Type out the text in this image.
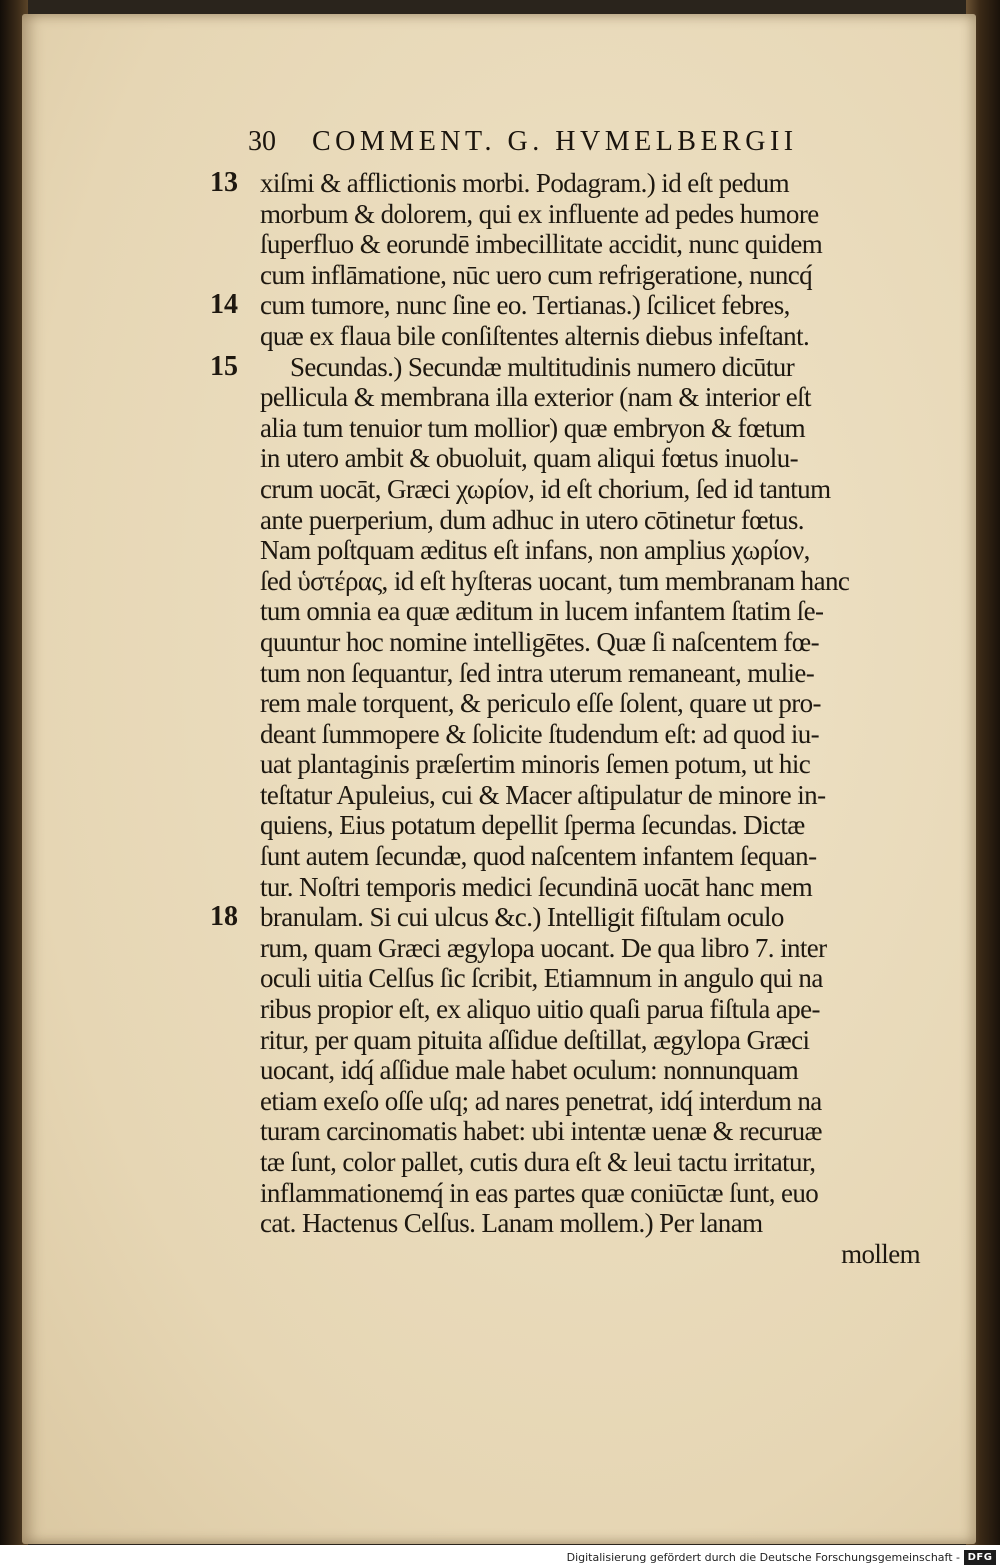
30 COMMENT. G. HVMELBERGII
13 xiſmi & afflictionis morbi. Podagram.) id eſt pedum
morbum & dolorem, qui ex influente ad pedes humore
ſuperfluo & eorundē imbecillitate accidit, nunc quidem
cum inflāmatione, nūc uero cum refrigeratione, nuncq́
14 cum tumore, nunc ſine eo. Tertianas.) ſcilicet febres,
quæ ex flaua bile conſiſtentes alternis diebus infeſtant.
15 Secundas.) Secundæ multitudinis numero dicūtur
pellicula & membrana illa exterior (nam & interior eſt
alia tum tenuior tum mollior) quæ embryon & fœtum
in utero ambit & obuoluit, quam aliqui fœtus inuolu-
crum uocāt, Græci χωρίον, id eſt chorium, ſed id tantum
ante puerperium, dum adhuc in utero cōtinetur fœtus.
Nam poſtquam æditus eſt infans, non amplius χωρίον,
ſed ὑστέρας, id eſt hyſteras uocant, tum membranam hanc
tum omnia ea quæ æditum in lucem infantem ſtatim ſe-
quuntur hoc nomine intelligētes. Quæ ſi naſcentem fœ-
tum non ſequantur, ſed intra uterum remaneant, mulie-
rem male torquent, & periculo eſſe ſolent, quare ut pro-
deant ſummopere & ſolicite ſtudendum eſt: ad quod iu-
uat plantaginis præſertim minoris ſemen potum, ut hic
teſtatur Apuleius, cui & Macer aſtipulatur de minore in-
quiens, Eius potatum depellit ſperma ſecundas. Dictæ
ſunt autem ſecundæ, quod naſcentem infantem ſequan-
tur. Noſtri temporis medici ſecundinā uocāt hanc mem
18 branulam. Si cui ulcus &c.) Intelligit fiſtulam oculo
rum, quam Græci ægylopa uocant. De qua libro 7. inter
oculi uitia Celſus ſic ſcribit, Etiamnum in angulo qui na
ribus propior eſt, ex aliquo uitio quaſi parua fiſtula ape-
ritur, per quam pituita aſſidue deſtillat, ægylopa Græci
uocant, idq́ aſſidue male habet oculum: nonnunquam
etiam exeſo oſſe uſq; ad nares penetrat, idq́ interdum na
turam carcinomatis habet: ubi intentæ uenæ & recuruæ
tæ ſunt, color pallet, cutis dura eſt & leui tactu irritatur,
inflammationemq́ in eas partes quæ coniūctæ ſunt, euo
cat. Hactenus Celſus. Lanam mollem.) Per lanam
mollem
Digitalisierung gefördert durch die Deutsche Forschungsgemeinschaft - DFG
